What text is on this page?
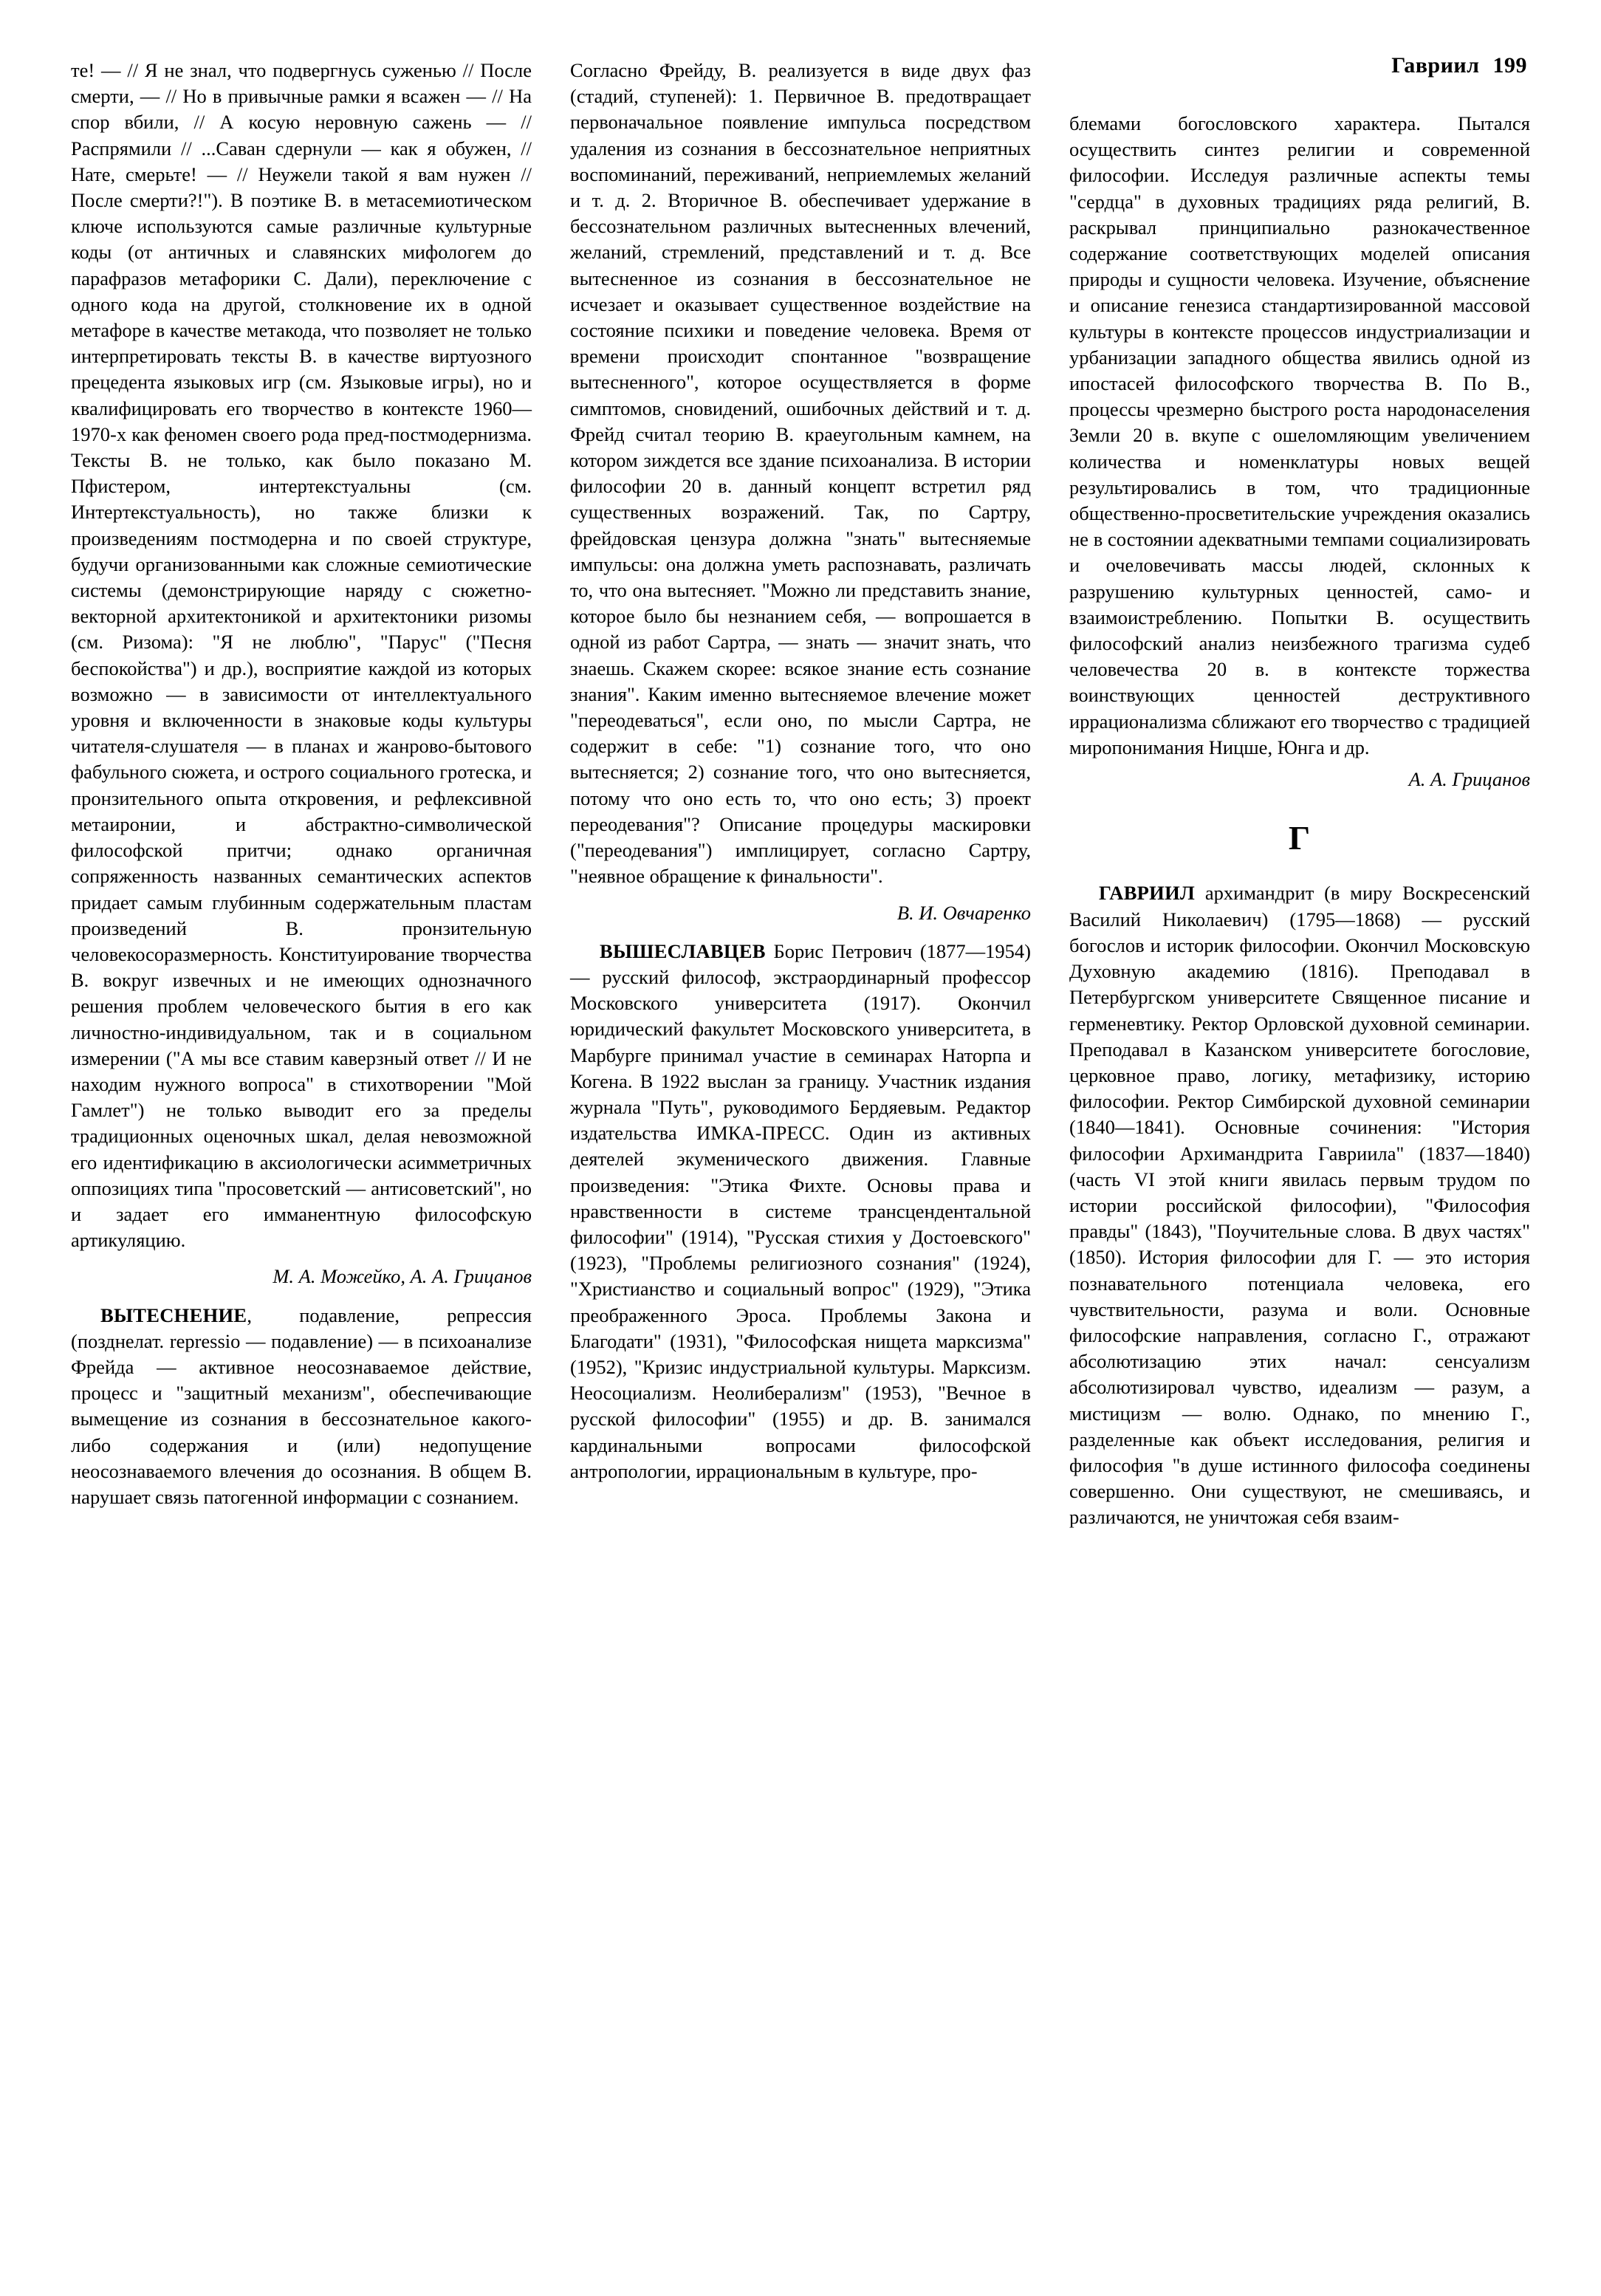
Гавриил 199

те! — // Я не знал, что подвергнусь суженью // После смерти, — // Но в привычные рамки я всажен — // На спор вбили, // А косую неровную сажень — // Распрямили // ...Саван сдернули — как я обужен, // Нате, смерьте! — // Неужели такой я вам нужен // После смерти?!"). В поэтике В. в метасемиотическом ключе используются самые различные культурные коды (от античных и славянских мифологем до парафразов метафорики С. Дали), переключение с одного кода на другой, столкновение их в одной метафоре в качестве метакода, что позволяет не только интерпретировать тексты В. в качестве виртуозного прецедента языковых игр (см. Языковые игры), но и квалифицировать его творчество в контексте 1960—1970-х как феномен своего рода пред-постмодернизма. Тексты В. не только, как было показано М. Пфистером, интертекстуальны (см. Интертекстуальность), но также близки к произведениям постмодерна и по своей структуре, будучи организованными как сложные семиотические системы (демонстрирующие наряду с сюжетно-векторной архитектоникой и архитектоники ризомы (см. Ризома): "Я не люблю", "Парус" ("Песня беспокойства") и др.), восприятие каждой из которых возможно — в зависимости от интеллектуального уровня и включенности в знаковые коды культуры читателя-слушателя — в планах и жанрово-бытового фабульного сюжета, и острого социального гротеска, и пронзительного опыта откровения, и рефлексивной метаиронии, и абстрактно-символической философской притчи; однако органичная сопряженность названных семантических аспектов придает самым глубинным содержательным пластам произведений В. пронзительную человекосоразмерность. Конституирование творчества В. вокруг извечных и не имеющих однозначного решения проблем человеческого бытия в его как личностно-индивидуальном, так и в социальном измерении ("А мы все ставим каверзный ответ // И не находим нужного вопроса" в стихотворении "Мой Гамлет") не только выводит его за пределы традиционных оценочных шкал, делая невозможной его идентификацию в аксиологически асимметричных оппозициях типа "просоветский — антисоветский", но и задает его имманентную философскую артикуляцию.

М. А. Можейко, А. А. Грицанов

ВЫТЕСНЕНИЕ, подавление, репрессия (позднелат. repressio — подавление) — в психоанализе Фрейда — активное неосознаваемое действие, процесс и "защитный механизм", обеспечивающие вымещение из сознания в бессознательное какого-либо содержания и (или) недопущение неосознаваемого влечения до осознания. В общем В. нарушает связь патогенной информации с сознанием.

Согласно Фрейду, В. реализуется в виде двух фаз (стадий, ступеней): 1. Первичное В. предотвращает первоначальное появление импульса посредством удаления из сознания в бессознательное неприятных воспоминаний, переживаний, неприемлемых желаний и т. д. 2. Вторичное В. обеспечивает удержание в бессознательном различных вытесненных влечений, желаний, стремлений, представлений и т. д. Все вытесненное из сознания в бессознательное не исчезает и оказывает существенное воздействие на состояние психики и поведение человека. Время от времени происходит спонтанное "возвращение вытесненного", которое осуществляется в форме симптомов, сновидений, ошибочных действий и т. д. Фрейд считал теорию В. краеугольным камнем, на котором зиждется все здание психоанализа. В истории философии 20 в. данный концепт встретил ряд существенных возражений. Так, по Сартру, фрейдовская цензура должна "знать" вытесняемые импульсы: она должна уметь распознавать, различать то, что она вытесняет. "Можно ли представить знание, которое было бы незнанием себя, — вопрошается в одной из работ Сартра, — знать — значит знать, что знаешь. Скажем скорее: всякое знание есть сознание знания". Каким именно вытесняемое влечение может "переодеваться", если оно, по мысли Сартра, не содержит в себе: "1) сознание того, что оно вытесняется; 2) сознание того, что оно вытесняется, потому что оно есть то, что оно есть; 3) проект переодевания"? Описание процедуры маскировки ("переодевания") имплицирует, согласно Сартру, "неявное обращение к финальности".

В. И. Овчаренко

ВЫШЕСЛАВЦЕВ Борис Петрович (1877—1954) — русский философ, экстраординарный профессор Московского университета (1917). Окончил юридический факультет Московского университета, в Марбурге принимал участие в семинарах Наторпа и Когена. В 1922 выслан за границу. Участник издания журнала "Путь", руководимого Бердяевым. Редактор издательства ИМКА-ПРЕСС. Один из активных деятелей экуменического движения. Главные произведения: "Этика Фихте. Основы права и нравственности в системе трансцендентальной философии" (1914), "Русская стихия у Достоевского" (1923), "Проблемы религиозного сознания" (1924), "Христианство и социальный вопрос" (1929), "Этика преображенного Эроса. Проблемы Закона и Благодати" (1931), "Философская нищета марксизма" (1952), "Кризис индустриальной культуры. Марксизм. Неосоциализм. Неолиберализм" (1953), "Вечное в русской философии" (1955) и др. В. занимался кардинальными вопросами философской антропологии, иррациональным в культуре, про-

блемами богословского характера. Пытался осуществить синтез религии и современной философии. Исследуя различные аспекты темы "сердца" в духовных традициях ряда религий, В. раскрывал принципиально разнокачественное содержание соответствующих моделей описания природы и сущности человека. Изучение, объяснение и описание генезиса стандартизированной массовой культуры в контексте процессов индустриализации и урбанизации западного общества явились одной из ипостасей философского творчества В. По В., процессы чрезмерно быстрого роста народонаселения Земли 20 в. вкупе с ошеломляющим увеличением количества и номенклатуры новых вещей результировались в том, что традиционные общественно-просветительские учреждения оказались не в состоянии адекватными темпами социализировать и очеловечивать массы людей, склонных к разрушению культурных ценностей, само- и взаимоистреблению. Попытки В. осуществить философский анализ неизбежного трагизма судеб человечества 20 в. в контексте торжества воинствующих ценностей деструктивного иррационализма сближают его творчество с традицией миропонимания Ницше, Юнга и др.

А. А. Грицанов

Г

ГАВРИИЛ архимандрит (в миру Воскресенский Василий Николаевич) (1795—1868) — русский богослов и историк философии. Окончил Московскую Духовную академию (1816). Преподавал в Петербургском университете Священное писание и герменевтику. Ректор Орловской духовной семинарии. Преподавал в Казанском университете богословие, церковное право, логику, метафизику, историю философии. Ректор Симбирской духовной семинарии (1840—1841). Основные сочинения: "История философии Архимандрита Гавриила" (1837—1840) (часть VI этой книги явилась первым трудом по истории российской философии), "Философия правды" (1843), "Поучительные слова. В двух частях" (1850). История философии для Г. — это история познавательного потенциала человека, его чувствительности, разума и воли. Основные философские направления, согласно Г., отражают абсолютизацию этих начал: сенсуализм абсолютизировал чувство, идеализм — разум, а мистицизм — волю. Однако, по мнению Г., разделенные как объект исследования, религия и философия "в душе истинного философа соединены совершенно. Они существуют, не смешиваясь, и различаются, не уничтожая себя взаим-
